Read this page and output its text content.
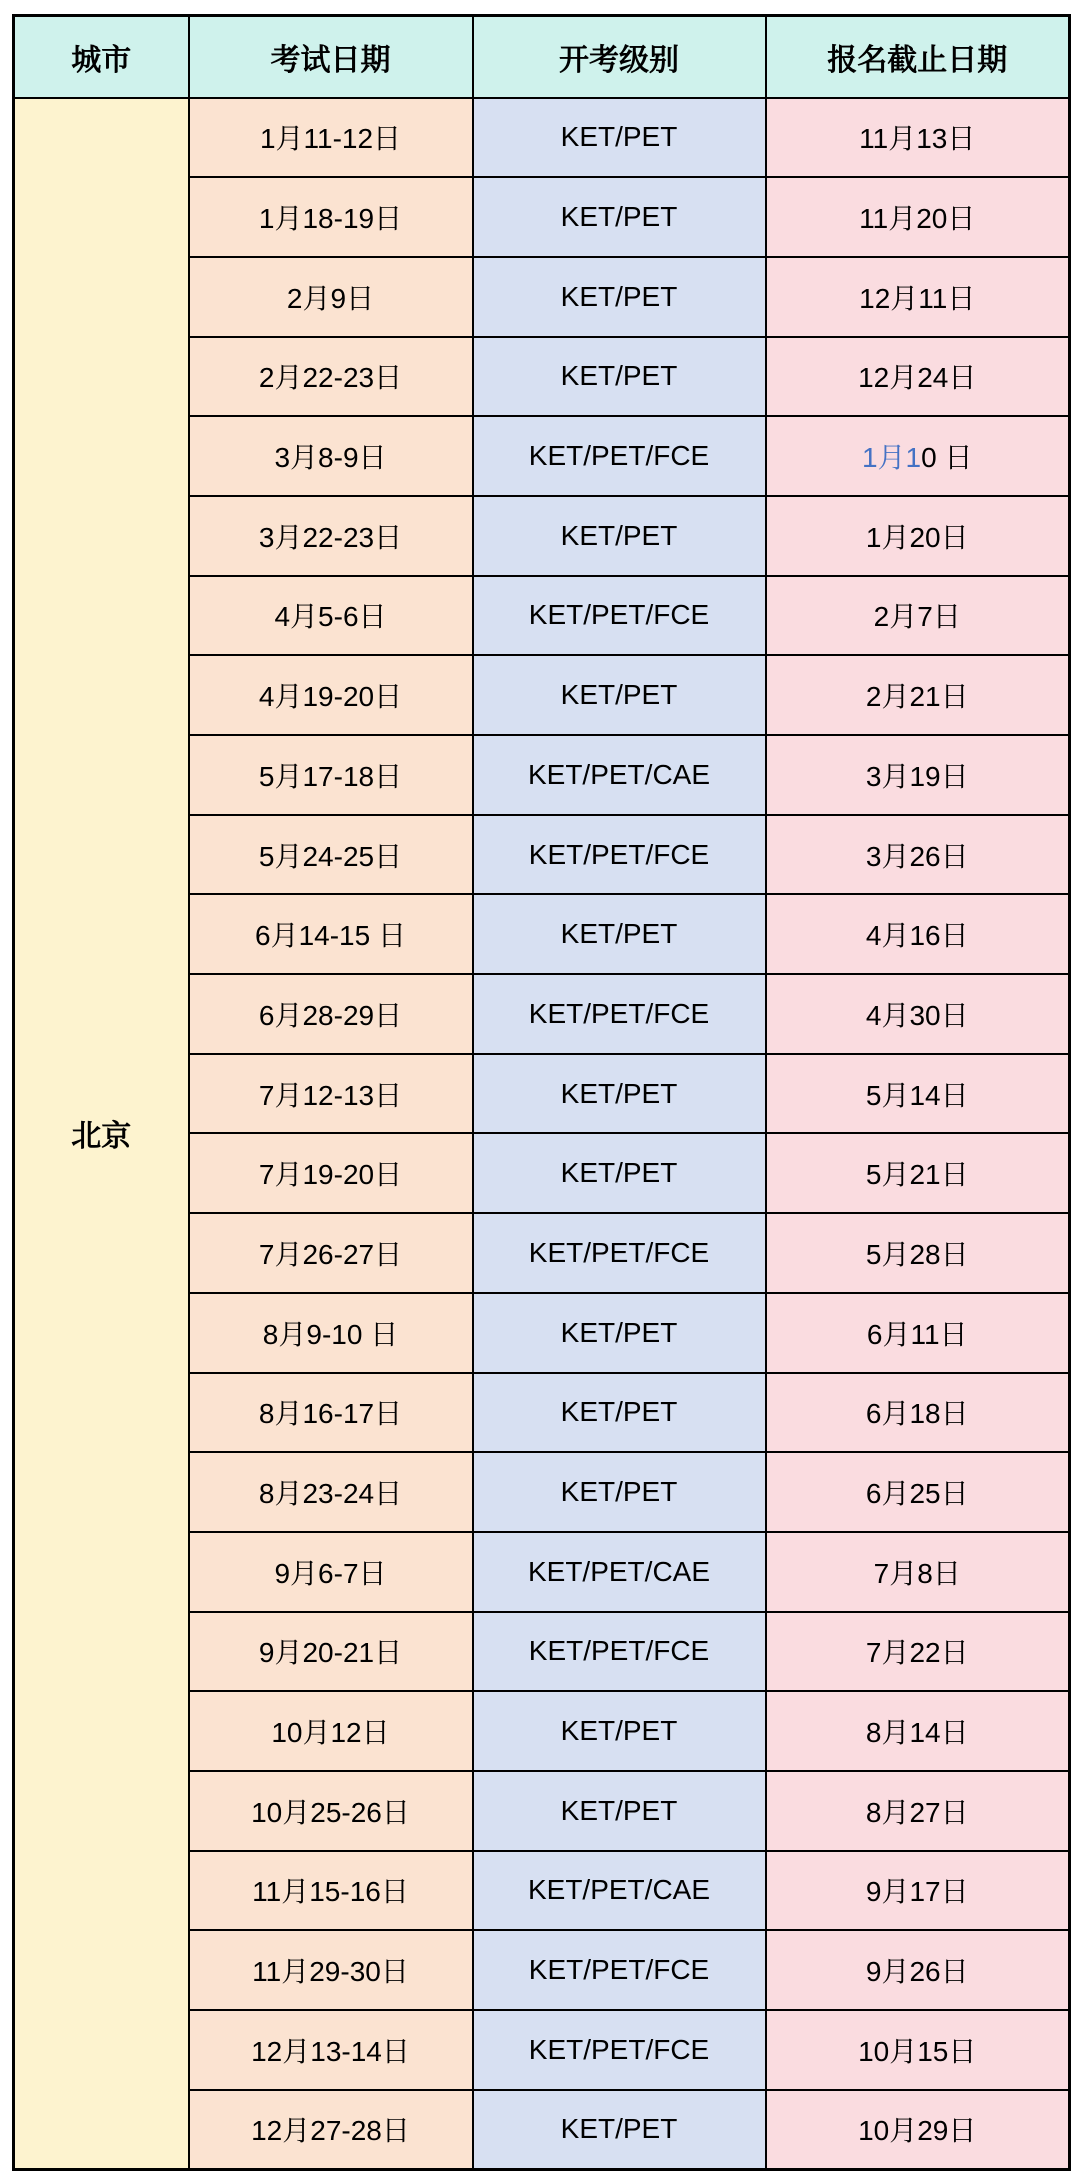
城市	考试日期	开考级别	报名截止日期
北京	1月11-12日	KET/PET	11月13日
	1月18-19日	KET/PET	11月20日
	2月9日	KET/PET	12月11日
	2月22-23日	KET/PET	12月24日
	3月8-9日	KET/PET/FCE	1月10 日
	3月22-23日	KET/PET	1月20日
	4月5-6日	KET/PET/FCE	2月7日
	4月19-20日	KET/PET	2月21日
	5月17-18日	KET/PET/CAE	3月19日
	5月24-25日	KET/PET/FCE	3月26日
	6月14-15 日	KET/PET	4月16日
	6月28-29日	KET/PET/FCE	4月30日
	7月12-13日	KET/PET	5月14日
	7月19-20日	KET/PET	5月21日
	7月26-27日	KET/PET/FCE	5月28日
	8月9-10 日	KET/PET	6月11日
	8月16-17日	KET/PET	6月18日
	8月23-24日	KET/PET	6月25日
	9月6-7日	KET/PET/CAE	7月8日
	9月20-21日	KET/PET/FCE	7月22日
	10月12日	KET/PET	8月14日
	10月25-26日	KET/PET	8月27日
	11月15-16日	KET/PET/CAE	9月17日
	11月29-30日	KET/PET/FCE	9月26日
	12月13-14日	KET/PET/FCE	10月15日
	12月27-28日	KET/PET	10月29日
